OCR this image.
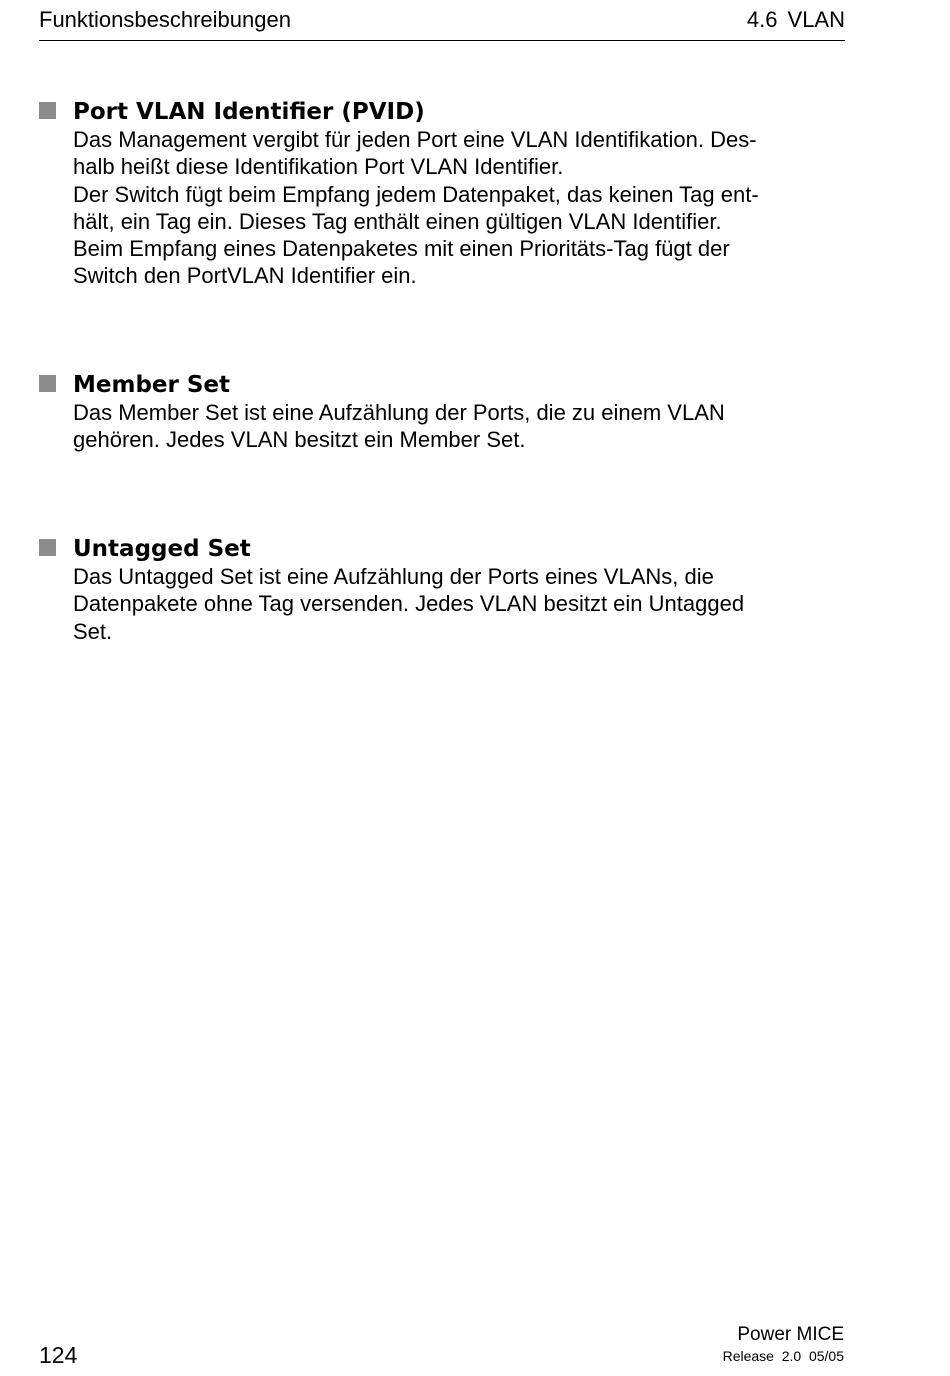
Funktionsbeschreibungen	4.6 VLAN
Port VLAN Identifier (PVID)
Das Management vergibt für jeden Port eine VLAN Identifikation. Des-
halb heißt diese Identifikation Port VLAN Identifier.
Der Switch fügt beim Empfang jedem Datenpaket, das keinen Tag ent-
hält, ein Tag ein. Dieses Tag enthält einen gültigen VLAN Identifier.
Beim Empfang eines Datenpaketes mit einen Prioritäts-Tag fügt der
Switch den PortVLAN Identifier ein.
Member Set
Das Member Set ist eine Aufzählung der Ports, die zu einem VLAN
gehören. Jedes VLAN besitzt ein Member Set.
Untagged Set
Das Untagged Set ist eine Aufzählung der Ports eines VLANs, die
Datenpakete ohne Tag versenden. Jedes VLAN besitzt ein Untagged
Set.
124
Power MICE
Release  2.0  05/05
